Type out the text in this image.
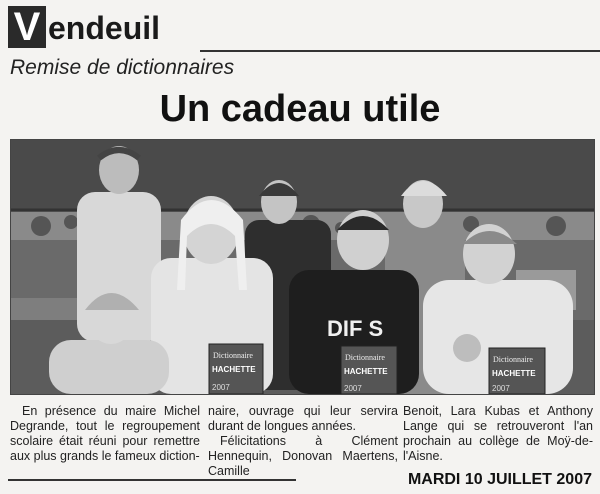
V endeuil
Remise de dictionnaires
Un cadeau utile
DIF S
Dictionnaire
HACHETTE
2007
Dictionnaire
HACHETTE
2007
Dictionnaire
HACHETTE
2007

En présence du maire Michel Degrande, tout le regroupement scolaire était réuni pour remettre aux plus grands le fameux diction-

naire, ouvrage qui leur servira durant de longues années.

Félicitations à Clément Hennequin, Donovan Maertens, Camille

Benoit, Lara Kubas et Anthony Lange qui se retrouveront l'an prochain au collège de Moÿ-de-l'Aisne.

MARDI 10 JUILLET 2007
